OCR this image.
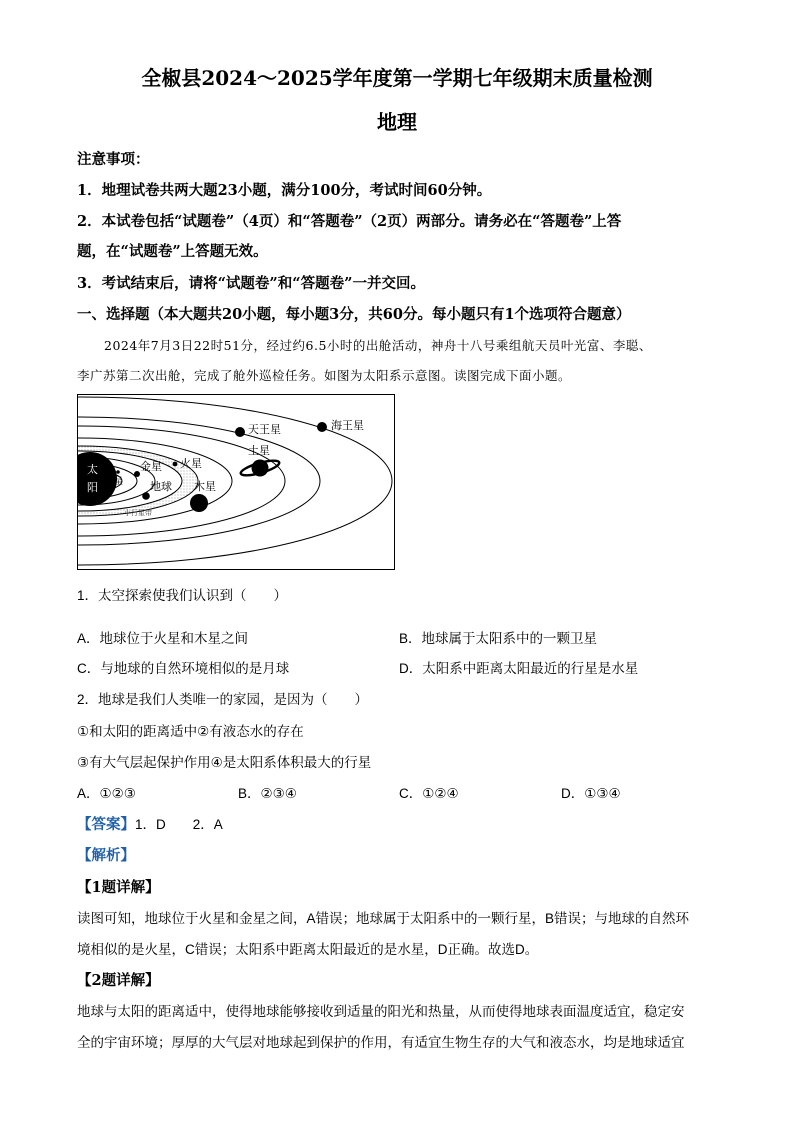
全椒县2024～2025学年度第一学期七年级期末质量检测
地理
注意事项：
1．地理试卷共两大题23小题，满分100分，考试时间60分钟。
2．本试卷包括“试题卷”（4页）和“答题卷”（2页）两部分。请务必在“答题卷”上答
题，在“试题卷”上答题无效。
3．考试结束后，请将“试题卷”和“答题卷”一并交回。
一、选择题（本大题共20小题，每小题3分，共60分。每小题只有1个选项符合题意）
2024年7月3日22时51分，经过约6.5小时的出舱活动，神舟十八号乘组航天员叶光富、李聪、
李广苏第二次出舱，完成了舱外巡检任务。如图为太阳系示意图。读图完成下面小题。
太
阳 水星
金星
地球
火星
木星
土星
天王星	海王星
小行星带
1．太空探索使我们认识到（　　）
A．地球位于火星和木星之间	B．地球属于太阳系中的一颗卫星
C．与地球的自然环境相似的是月球	D．太阳系中距离太阳最近的行星是水星
2．地球是我们人类唯一的家园，是因为（　　）
①和太阳的距离适中②有液态水的存在
③有大气层起保护作用④是太阳系体积最大的行星
A．①②③	B．②③④	C．①②④	D．①③④
【答案】1．D　　2．A
【解析】
【1题详解】
读图可知，地球位于火星和金星之间，A错误；地球属于太阳系中的一颗行星，B错误；与地球的自然环
境相似的是火星，C错误；太阳系中距离太阳最近的是水星，D正确。故选D。
【2题详解】
地球与太阳的距离适中，使得地球能够接收到适量的阳光和热量，从而使得地球表面温度适宜，稳定安
全的宇宙环境；厚厚的大气层对地球起到保护的作用，有适宜生物生存的大气和液态水，均是地球适宜
